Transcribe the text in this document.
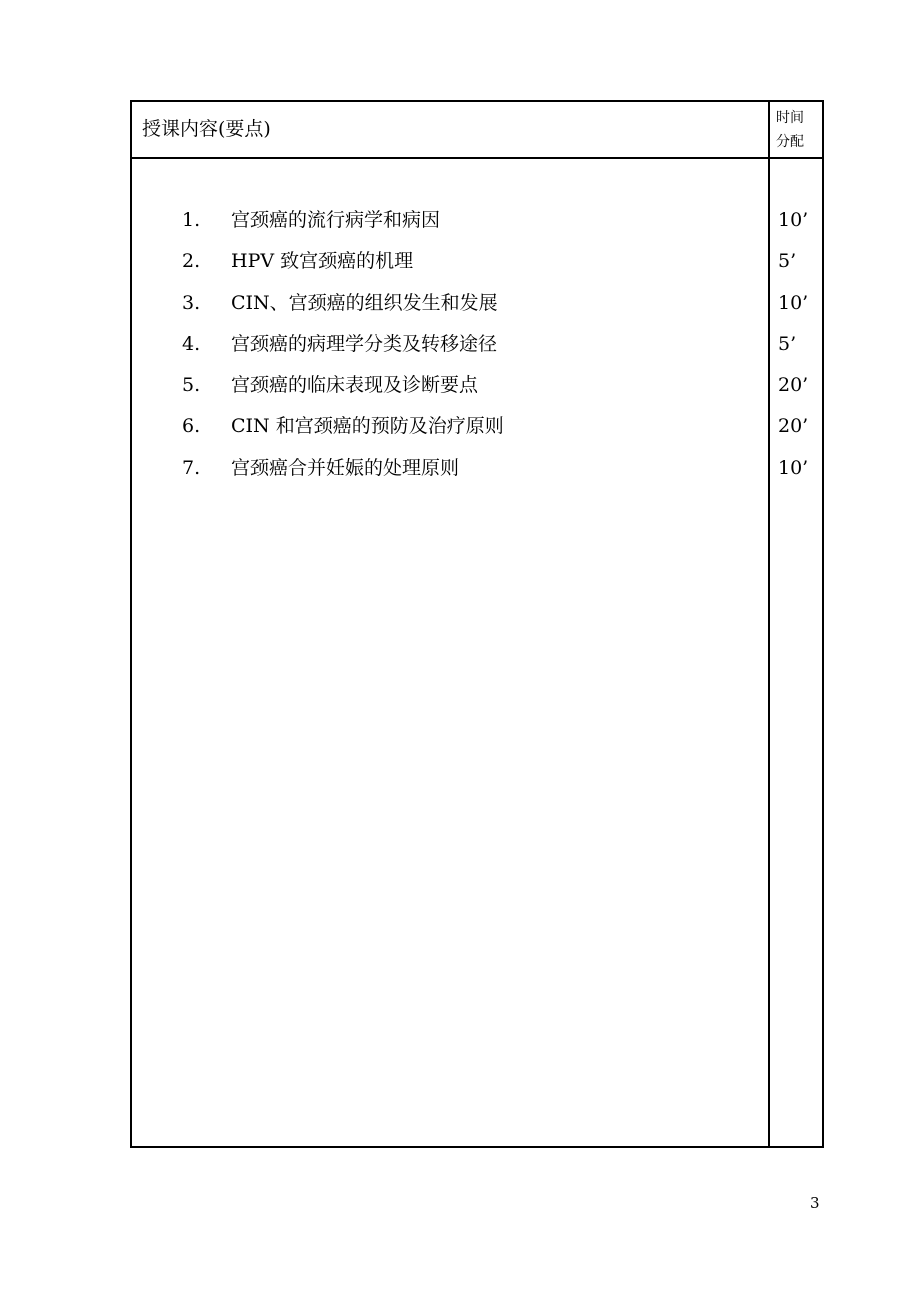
授课内容(要点)	时间
分配
1.	宫颈癌的流行病学和病因	10’
2.	HPV 致宫颈癌的机理	5’
3.	CIN、宫颈癌的组织发生和发展	10’
4.	宫颈癌的病理学分类及转移途径	5’
5.	宫颈癌的临床表现及诊断要点	20’
6.	CIN 和宫颈癌的预防及治疗原则	20’
7.	宫颈癌合并妊娠的处理原则	10’
3
